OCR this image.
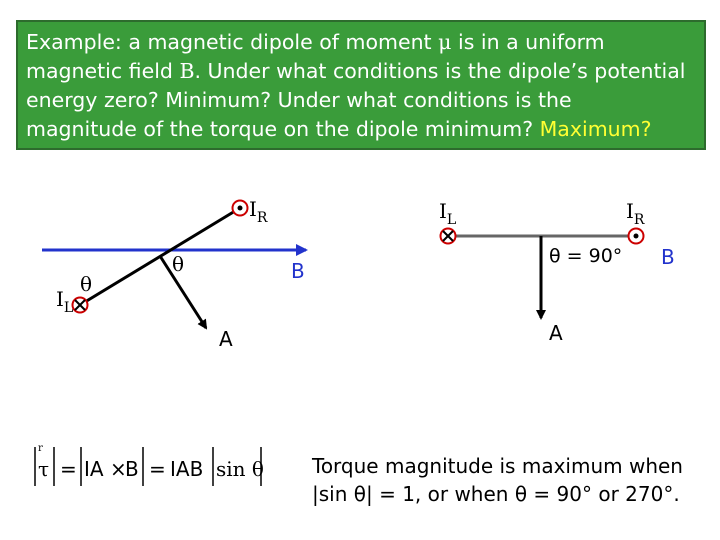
Example: a magnetic dipole of moment μ is in a uniform
magnetic field B. Under what conditions is the dipole’s potential
energy zero? Minimum? Under what conditions is the
magnitude of the torque on the dipole minimum? Maximum?
$I_R$
$I_L$
θ
θ
B
A
$I_L$	$I_R$
θ = 90° B
A
r
τ = IA ×
B = IAB sin θ Torque magnitude is maximum when
|sin θ| = 1, or when θ = 90° or 270°.
